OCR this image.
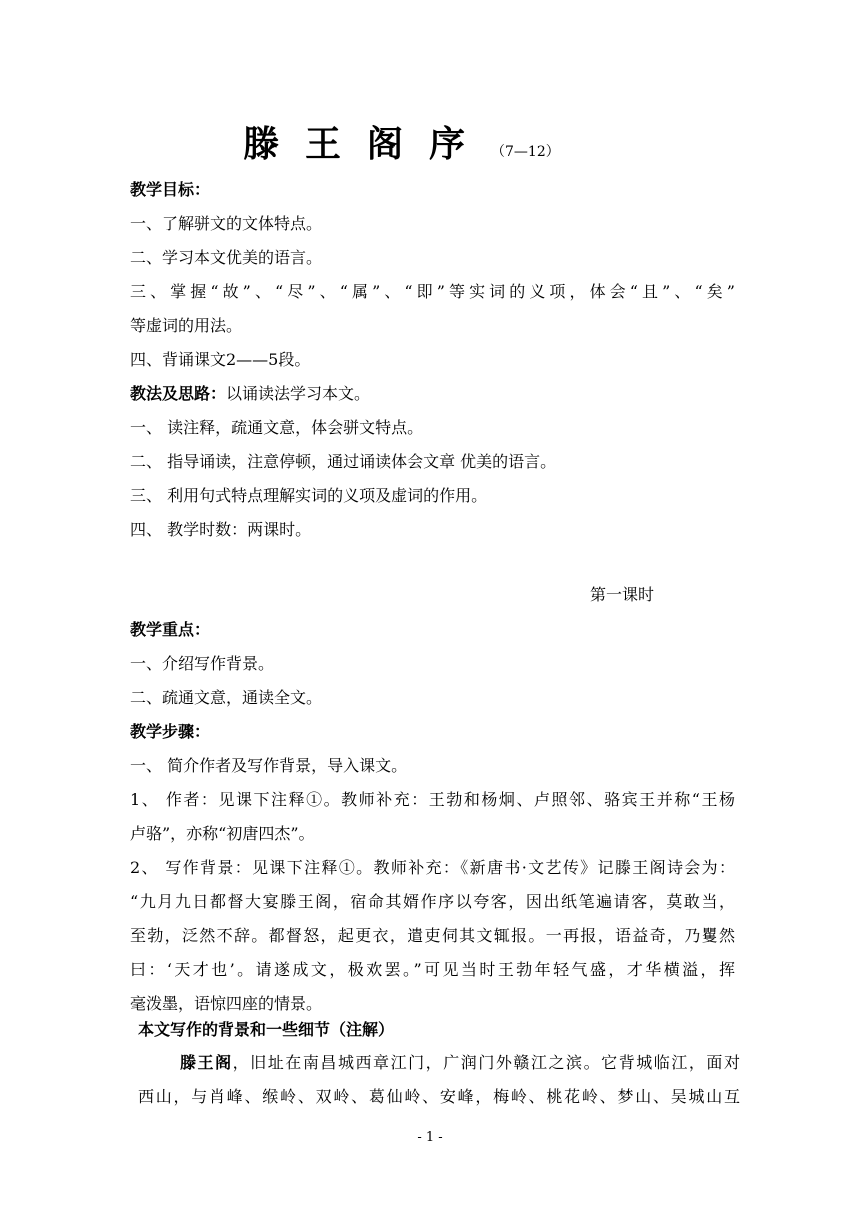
滕王阁序（7—12）
教学目标：
一、了解骈文的文体特点。
二、学习本文优美的语言。
三、掌握“故”、“尽”、“属”、“即”等实词的义项，体会“且”、“矣”
等虚词的用法。
四、背诵课文2——5段。
教法及思路：以诵读法学习本文。
一、 读注释，疏通文意，体会骈文特点。
二、 指导诵读，注意停顿，通过诵读体会文章 优美的语言。
三、 利用句式特点理解实词的义项及虚词的作用。
四、 教学时数：两课时。
第一课时
教学重点：
一、介绍写作背景。
二、疏通文意，通读全文。
教学步骤：
一、 简介作者及写作背景，导入课文。
1、 作者：见课下注释①。教师补充：王勃和杨炯、卢照邻、骆宾王并称“王杨
卢骆”，亦称“初唐四杰”。
2、 写作背景：见课下注释①。教师补充：《新唐书·文艺传》记滕王阁诗会为：
“九月九日都督大宴滕王阁，宿命其婿作序以夸客，因出纸笔遍请客，莫敢当，
至勃，泛然不辞。都督怒，起更衣，遣吏伺其文辄报。一再报，语益奇，乃矍然
曰：‘天才也’。请遂成文，极欢罢。”可见当时王勃年轻气盛，才华横溢，挥
毫泼墨，语惊四座的情景。
本文写作的背景和一些细节（注解）
滕王阁，旧址在南昌城西章江门，广润门外赣江之滨。它背城临江，面对
西山，与肖峰、缑岭、双岭、葛仙岭、安峰，梅岭、桃花岭、梦山、吴城山互
- 1 -
